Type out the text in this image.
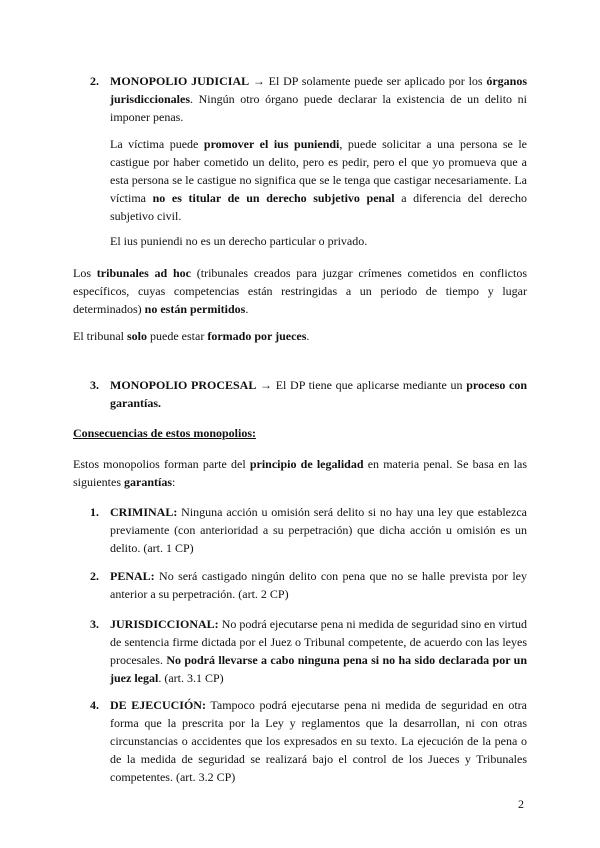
2. MONOPOLIO JUDICIAL → El DP solamente puede ser aplicado por los órganos jurisdiccionales. Ningún otro órgano puede declarar la existencia de un delito ni imponer penas.

La víctima puede promover el ius puniendi, puede solicitar a una persona se le castigue por haber cometido un delito, pero es pedir, pero el que yo promueva que a esta persona se le castigue no significa que se le tenga que castigar necesariamente. La víctima no es titular de un derecho subjetivo penal a diferencia del derecho subjetivo civil.

El ius puniendi no es un derecho particular o privado.

Los tribunales ad hoc (tribunales creados para juzgar crímenes cometidos en conflictos específicos, cuyas competencias están restringidas a un periodo de tiempo y lugar determinados) no están permitidos.

El tribunal solo puede estar formado por jueces.

3. MONOPOLIO PROCESAL → El DP tiene que aplicarse mediante un proceso con garantías.

Consecuencias de estos monopolios:

Estos monopolios forman parte del principio de legalidad en materia penal. Se basa en las siguientes garantías:

1. CRIMINAL: Ninguna acción u omisión será delito si no hay una ley que establezca previamente (con anterioridad a su perpetración) que dicha acción u omisión es un delito. (art. 1 CP)

2. PENAL: No será castigado ningún delito con pena que no se halle prevista por ley anterior a su perpetración. (art. 2 CP)

3. JURISDICCIONAL: No podrá ejecutarse pena ni medida de seguridad sino en virtud de sentencia firme dictada por el Juez o Tribunal competente, de acuerdo con las leyes procesales. No podrá llevarse a cabo ninguna pena si no ha sido declarada por un juez legal. (art. 3.1 CP)

4. DE EJECUCIÓN: Tampoco podrá ejecutarse pena ni medida de seguridad en otra forma que la prescrita por la Ley y reglamentos que la desarrollan, ni con otras circunstancias o accidentes que los expresados en su texto. La ejecución de la pena o de la medida de seguridad se realizará bajo el control de los Jueces y Tribunales competentes. (art. 3.2 CP)

2
